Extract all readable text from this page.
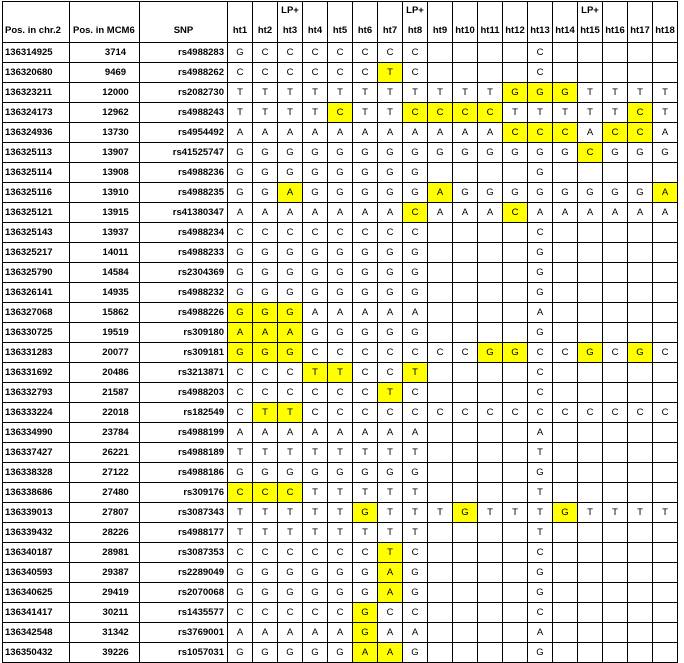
					LP+					LP+							LP+			
Pos. in chr.2	Pos. in MCM6	SNP	ht1	ht2	ht3	ht4	ht5	ht6	ht7	ht8	ht9	ht10	ht11	ht12	ht13	ht14	ht15	ht16	ht17	ht18
136314925	3714	rs4988283	G	C	C	C	C	C	C	C					C					
136320680	9469	rs4988262	C	C	C	C	C	C	T	C					C					
136323211	12000	rs2082730	T	T	T	T	T	T	T	T	T	T	T	G	G	G	T	T	T	T
136324173	12962	rs4988243	T	T	T	T	C	T	T	C	C	C	C	T	T	T	T	T	C	T
136324936	13730	rs4954492	A	A	A	A	A	A	A	A	A	A	A	C	C	C	A	C	C	A
136325113	13907	rs41525747	G	G	G	G	G	G	G	G	G	G	G	G	G	G	C	G	G	G
136325114	13908	rs4988236	G	G	G	G	G	G	G	G					G					
136325116	13910	rs4988235	G	G	A	G	G	G	G	G	A	G	G	G	G	G	G	G	G	A
136325121	13915	rs41380347	A	A	A	A	A	A	A	C	A	A	A	C	A	A	A	A	A	A
136325143	13937	rs4988234	C	C	C	C	C	C	C	C					C					
136325217	14011	rs4988233	G	G	G	G	G	G	G	G					G					
136325790	14584	rs2304369	G	G	G	G	G	G	G	G					G					
136326141	14935	rs4988232	G	G	G	G	G	G	G	G					G					
136327068	15862	rs4988226	G	G	G	A	A	A	A	A					A					
136330725	19519	rs309180	A	A	A	G	G	G	G	G					G					
136331283	20077	rs309181	G	G	G	C	C	C	C	C	C	C	G	G	C	C	G	C	G	C
136331692	20486	rs3213871	C	C	C	T	T	C	C	T					C					
136332793	21587	rs4988203	C	C	C	C	C	C	T	C					C					
136333224	22018	rs182549	C	T	T	C	C	C	C	C	C	C	C	C	C	C	C	C	C	C
136334990	23784	rs4988199	A	A	A	A	A	A	A	A					A					
136337427	26221	rs4988189	T	T	T	T	T	T	T	T					T					
136338328	27122	rs4988186	G	G	G	G	G	G	G	G					G					
136338686	27480	rs309176	C	C	C	T	T	T	T	T					T					
136339013	27807	rs3087343	T	T	T	T	T	G	T	T	T	G	T	T	T	G	T	T	T	T
136339432	28226	rs4988177	T	T	T	T	T	T	T	T					T					
136340187	28981	rs3087353	C	C	C	C	C	C	T	C					C					
136340593	29387	rs2289049	G	G	G	G	G	G	A	G					G					
136340625	29419	rs2070068	G	G	G	G	G	G	A	G					G					
136341417	30211	rs1435577	C	C	C	C	C	G	C	C					C					
136342548	31342	rs3769001	A	A	A	A	A	G	A	A					A					
136350432	39226	rs1057031	G	G	G	G	G	A	A	G					G					
